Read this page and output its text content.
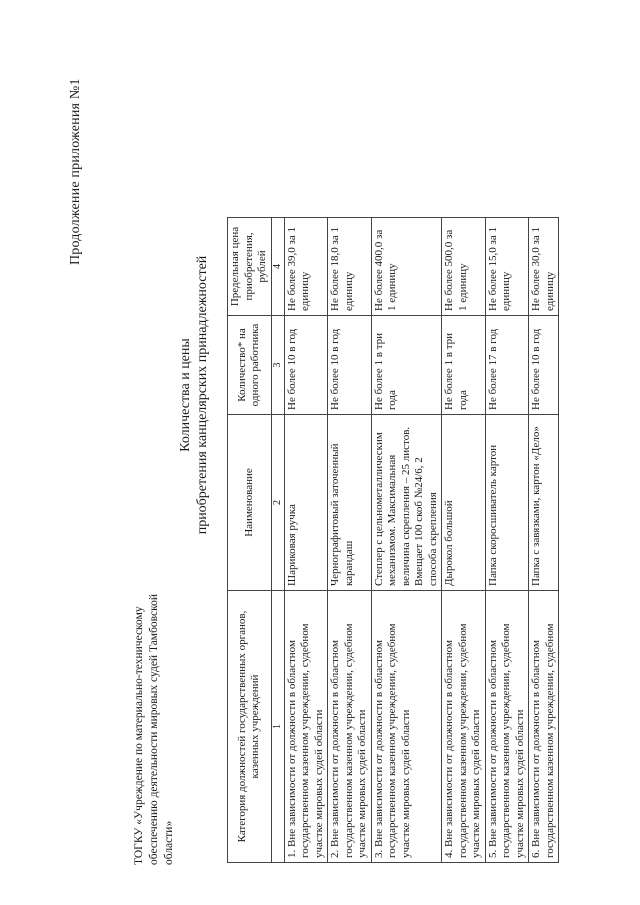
ТОГКУ «Учреждение по материально-техническому обеспечению деятельности мировых судей Тамбовской области»
Продолжение приложения №1
Количества и цены приобретения канцелярских принадлежностей
Категория должностей государственных органов, казенных учреждений	Наименование	Количество* на одного работника	Предельная цена приобретения, рублей
1	2	3	4
1. Вне зависимости от должности в областном государственном казенном учреждении, судебном участке мировых судей области	Шариковая ручка	Не более 10 в год	Не более 39,0 за 1 единицу
2. Вне зависимости от должности в областном государственном казенном учреждении, судебном участке мировых судей области	Чернографитовый заточенный карандаш	Не более 10 в год	Не более 18,0 за 1 единицу
3. Вне зависимости от должности в областном государственном казенном учреждении, судебном участке мировых судей области	Степлер с цельнометаллическим механизмом. Максимальная величина скрепления – 25 листов. Вмещает 100 скоб №24/6, 2 способа скрепления	Не более 1 в три года	Не более 400,0 за 1 единицу
4. Вне зависимости от должности в областном государственном казенном учреждении, судебном участке мировых судей области	Дырокол большой	Не более 1 в три года	Не более 500,0 за 1 единицу
5. Вне зависимости от должности в областном государственном казенном учреждении, судебном участке мировых судей области	Папка скоросшиватель картон	Не более 17 в год	Не более 15,0 за 1 единицу
6. Вне зависимости от должности в областном государственном казенном учреждении, судебном	Папка с завязками, картон «Дело»	Не более 10 в год	Не более 30,0 за 1 единицу
